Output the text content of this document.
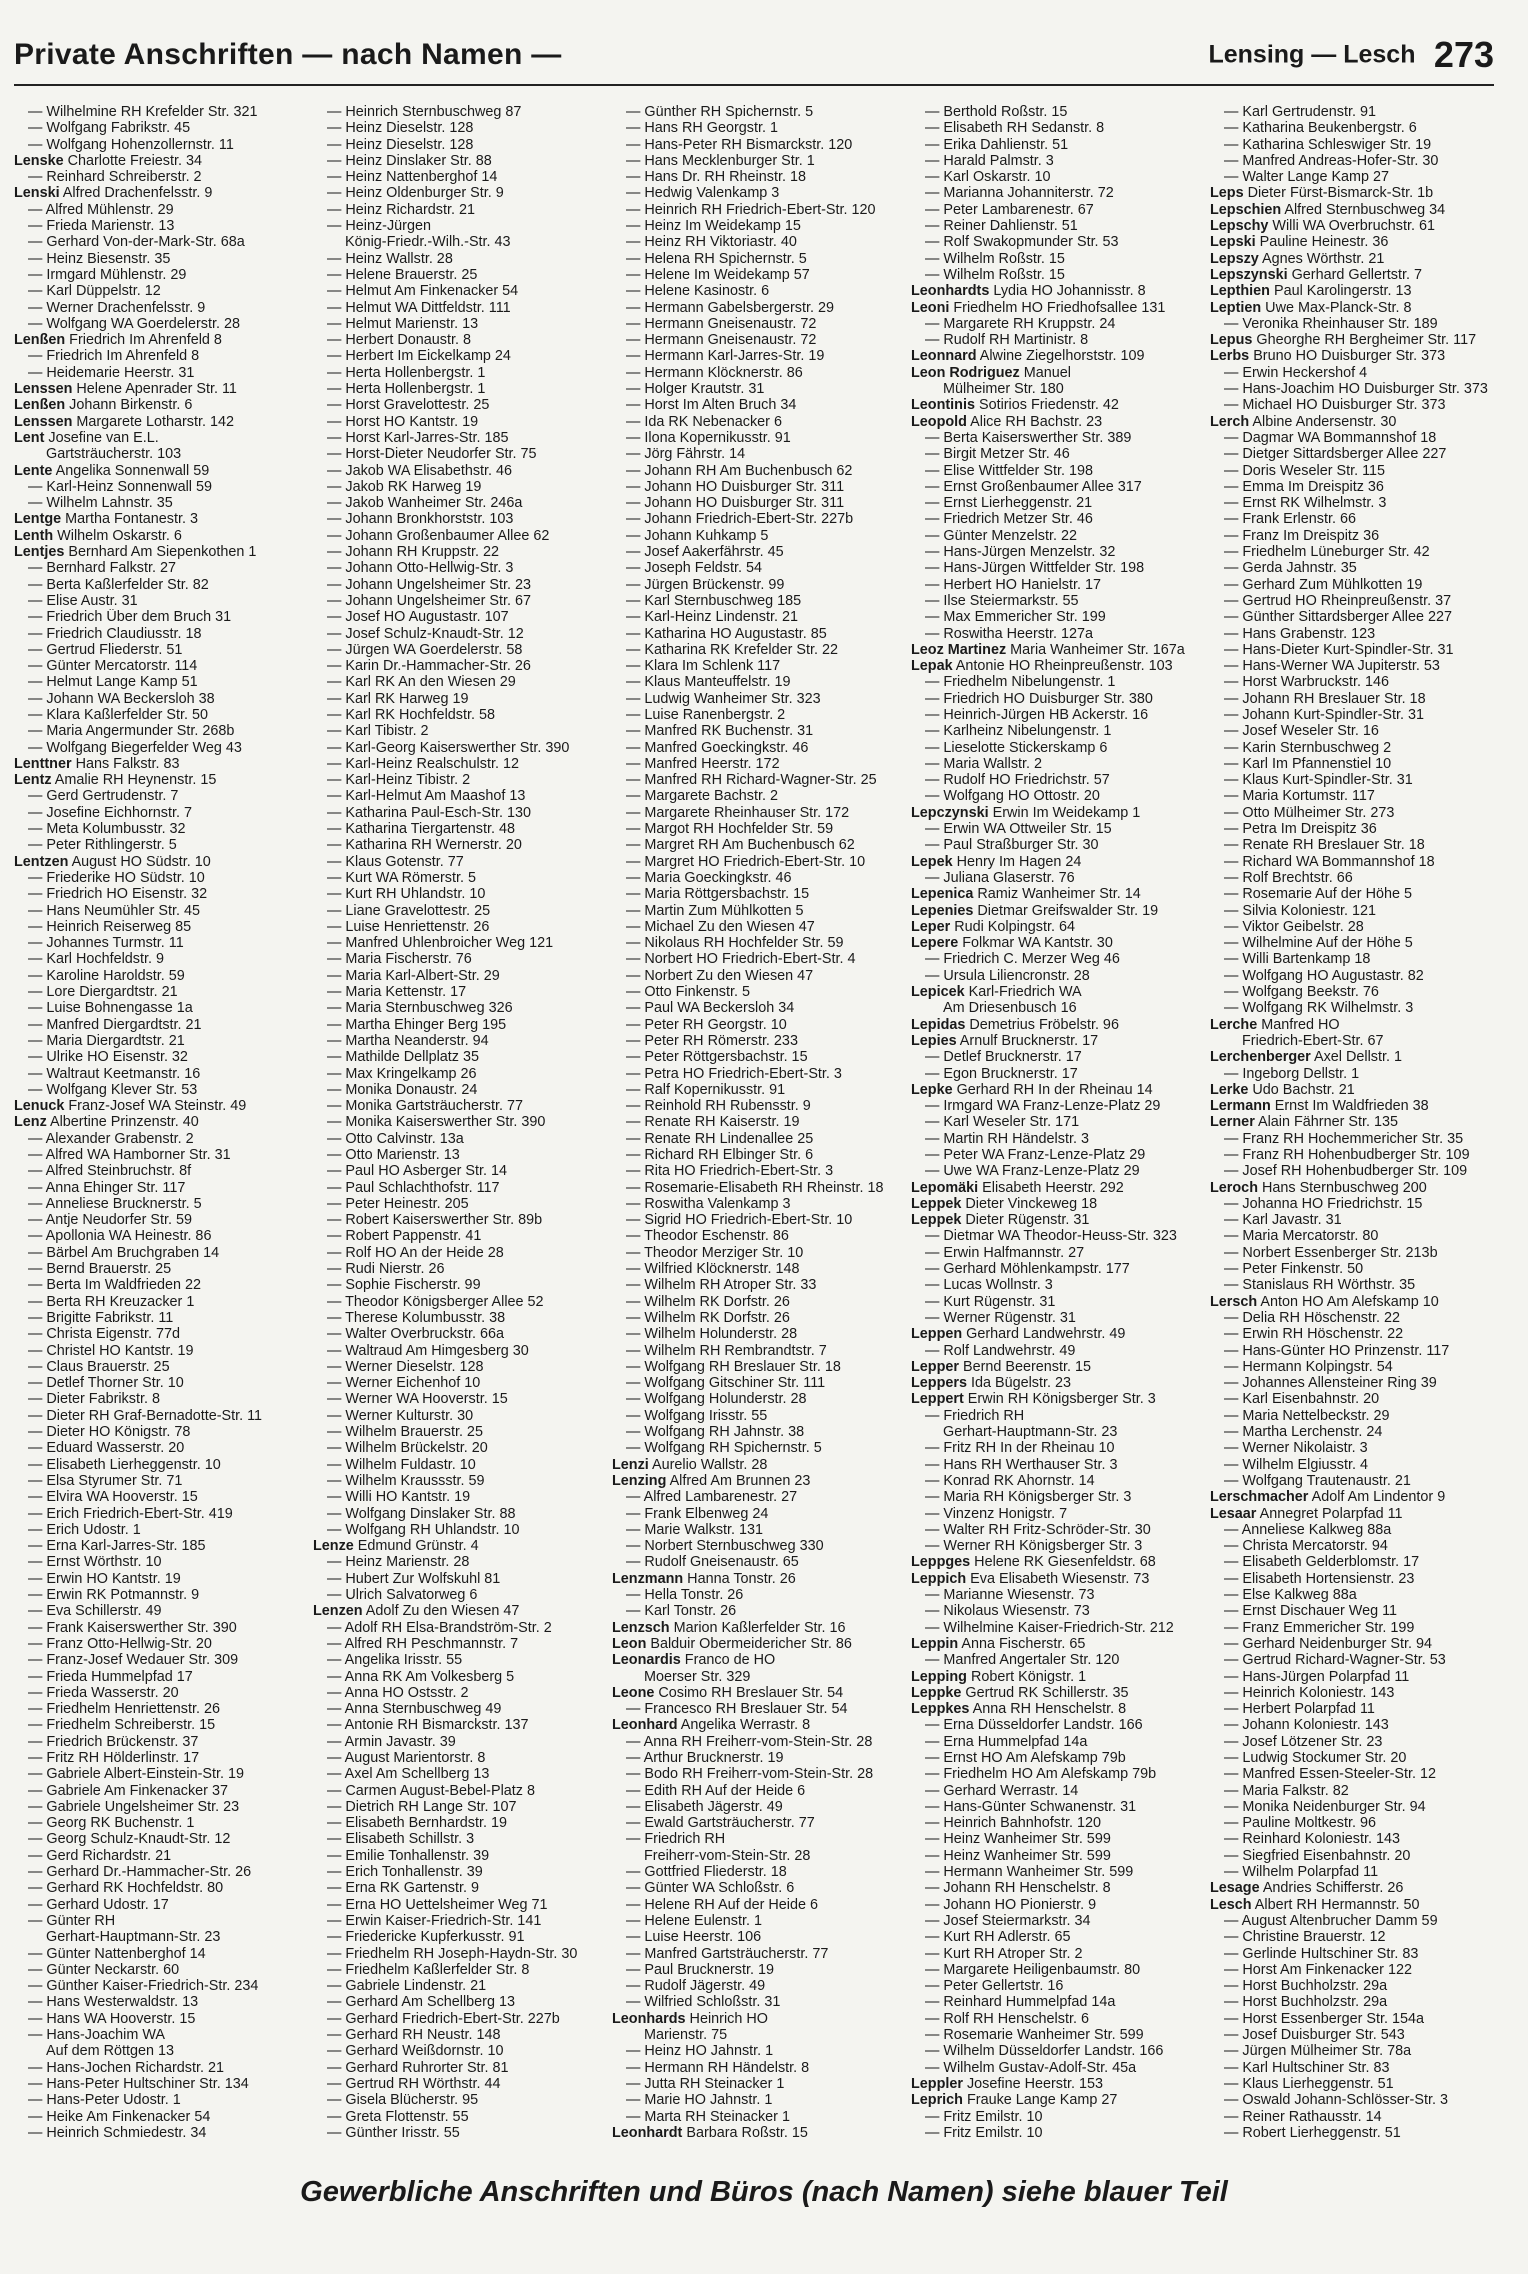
Private Anschriften — nach Namen —	Lensing — Lesch 273
— Wilhelmine RH Krefelder Str. 321
— Wolfgang Fabrikstr. 45
— Wolfgang Hohenzollernstr. 11
Lenske Charlotte Freiestr. 34
— Reinhard Schreiberstr. 2
Lenski Alfred Drachenfelsstr. 9
— Alfred Mühlenstr. 29
— Frieda Marienstr. 13
— Gerhard Von-der-Mark-Str. 68a
— Heinz Biesenstr. 35
— Irmgard Mühlenstr. 29
— Karl Düppelstr. 12
— Werner Drachenfelsstr. 9
— Wolfgang WA Goerdelerstr. 28
Lenßen Friedrich Im Ahrenfeld 8
— Friedrich Im Ahrenfeld 8
— Heidemarie Heerstr. 31
Lenssen Helene Apenrader Str. 11
Lenßen Johann Birkenstr. 6
Lenssen Margarete Lotharstr. 142
Lent Josefine van E.L.
Gartsträucherstr. 103
Lente Angelika Sonnenwall 59
— Karl-Heinz Sonnenwall 59
— Wilhelm Lahnstr. 35
Lentge Martha Fontanestr. 3
Lenth Wilhelm Oskarstr. 6
Lentjes Bernhard Am Siepenkothen 1
— Bernhard Falkstr. 27
— Berta Kaßlerfelder Str. 82
— Elise Austr. 31
— Friedrich Über dem Bruch 31
— Friedrich Claudiusstr. 18
— Gertrud Fliederstr. 51
— Günter Mercatorstr. 114
— Helmut Lange Kamp 51
— Johann WA Beckersloh 38
— Klara Kaßlerfelder Str. 50
— Maria Angermunder Str. 268b
— Wolfgang Biegerfelder Weg 43
Lenttner Hans Falkstr. 83
Lentz Amalie RH Heynenstr. 15
— Gerd Gertrudenstr. 7
— Josefine Eichhornstr. 7
— Meta Kolumbusstr. 32
— Peter Rithlingerstr. 5
Lentzen August HO Südstr. 10
— Friederike HO Südstr. 10
— Friedrich HO Eisenstr. 32
— Hans Neumühler Str. 45
— Heinrich Reiserweg 85
— Johannes Turmstr. 11
— Karl Hochfeldstr. 9
— Karoline Haroldstr. 59
— Lore Diergardtstr. 21
— Luise Bohnengasse 1a
— Manfred Diergardtstr. 21
— Maria Diergardtstr. 21
— Ulrike HO Eisenstr. 32
— Waltraut Keetmanstr. 16
— Wolfgang Klever Str. 53
Lenuck Franz-Josef WA Steinstr. 49
Lenz Albertine Prinzenstr. 40
— Alexander Grabenstr. 2
— Alfred WA Hamborner Str. 31
— Alfred Steinbruchstr. 8f
— Anna Ehinger Str. 117
— Anneliese Brucknerstr. 5
— Antje Neudorfer Str. 59
— Apollonia WA Heinestr. 86
— Bärbel Am Bruchgraben 14
— Bernd Brauerstr. 25
— Berta Im Waldfrieden 22
— Berta RH Kreuzacker 1
— Brigitte Fabrikstr. 11
— Christa Eigenstr. 77d
— Christel HO Kantstr. 19
— Claus Brauerstr. 25
— Detlef Thorner Str. 10
— Dieter Fabrikstr. 8
— Dieter RH Graf-Bernadotte-Str. 11
— Dieter HO Königstr. 78
— Eduard Wasserstr. 20
— Elisabeth Lierheggenstr. 10
— Elsa Styrumer Str. 71
— Elvira WA Hooverstr. 15
— Erich Friedrich-Ebert-Str. 419
— Erich Udostr. 1
— Erna Karl-Jarres-Str. 185
— Ernst Wörthstr. 10
— Erwin HO Kantstr. 19
— Erwin RK Potmannstr. 9
— Eva Schillerstr. 49
— Frank Kaiserswerther Str. 390
— Franz Otto-Hellwig-Str. 20
— Franz-Josef Wedauer Str. 309
— Frieda Hummelpfad 17
— Frieda Wasserstr. 20
— Friedhelm Henriettenstr. 26
— Friedhelm Schreiberstr. 15
— Friedrich Brückenstr. 37
— Fritz RH Hölderlinstr. 17
— Gabriele Albert-Einstein-Str. 19
— Gabriele Am Finkenacker 37
— Gabriele Ungelsheimer Str. 23
— Georg RK Buchenstr. 1
— Georg Schulz-Knaudt-Str. 12
— Gerd Richardstr. 21
— Gerhard Dr.-Hammacher-Str. 26
— Gerhard RK Hochfeldstr. 80
— Gerhard Udostr. 17
— Günter RH
Gerhart-Hauptmann-Str. 23
— Günter Nattenberghof 14
— Günter Neckarstr. 60
— Günther Kaiser-Friedrich-Str. 234
— Hans Westerwaldstr. 13
— Hans WA Hooverstr. 15
— Hans-Joachim WA
Auf dem Röttgen 13
— Hans-Jochen Richardstr. 21
— Hans-Peter Hultschiner Str. 134
— Hans-Peter Udostr. 1
— Heike Am Finkenacker 54
— Heinrich Schmiedestr. 34
— Heinrich Sternbuschweg 87
— Heinz Dieselstr. 128
— Heinz Dieselstr. 128
— Heinz Dinslaker Str. 88
— Heinz Nattenberghof 14
— Heinz Oldenburger Str. 9
— Heinz Richardstr. 21
— Heinz-Jürgen
König-Friedr.-Wilh.-Str. 43
— Heinz Wallstr. 28
— Helene Brauerstr. 25
— Helmut Am Finkenacker 54
— Helmut WA Dittfeldstr. 111
— Helmut Marienstr. 13
— Herbert Donaustr. 8
— Herbert Im Eickelkamp 24
— Herta Hollenbergstr. 1
— Herta Hollenbergstr. 1
— Horst Gravelottestr. 25
— Horst HO Kantstr. 19
— Horst Karl-Jarres-Str. 185
— Horst-Dieter Neudorfer Str. 75
— Jakob WA Elisabethstr. 46
— Jakob RK Harweg 19
— Jakob Wanheimer Str. 246a
— Johann Bronkhorststr. 103
— Johann Großenbaumer Allee 62
— Johann RH Kruppstr. 22
— Johann Otto-Hellwig-Str. 3
— Johann Ungelsheimer Str. 23
— Johann Ungelsheimer Str. 67
— Josef HO Augustastr. 107
— Josef Schulz-Knaudt-Str. 12
— Jürgen WA Goerdelerstr. 58
— Karin Dr.-Hammacher-Str. 26
— Karl RK An den Wiesen 29
— Karl RK Harweg 19
— Karl RK Hochfeldstr. 58
— Karl Tibistr. 2
— Karl-Georg Kaiserswerther Str. 390
— Karl-Heinz Realschulstr. 12
— Karl-Heinz Tibistr. 2
— Karl-Helmut Am Maashof 13
— Katharina Paul-Esch-Str. 130
— Katharina Tiergartenstr. 48
— Katharina RH Wernerstr. 20
— Klaus Gotenstr. 77
— Kurt WA Römerstr. 5
— Kurt RH Uhlandstr. 10
— Liane Gravelottestr. 25
— Luise Henriettenstr. 26
— Manfred Uhlenbroicher Weg 121
— Maria Fischerstr. 76
— Maria Karl-Albert-Str. 29
— Maria Kettenstr. 17
— Maria Sternbuschweg 326
— Martha Ehinger Berg 195
— Martha Neanderstr. 94
— Mathilde Dellplatz 35
— Max Kringelkamp 26
— Monika Donaustr. 24
— Monika Gartsträucherstr. 77
— Monika Kaiserswerther Str. 390
— Otto Calvinstr. 13a
— Otto Marienstr. 13
— Paul HO Asberger Str. 14
— Paul Schlachthofstr. 117
— Peter Heinestr. 205
— Robert Kaiserswerther Str. 89b
— Robert Pappenstr. 41
— Rolf HO An der Heide 28
— Rudi Nierstr. 26
— Sophie Fischerstr. 99
— Theodor Königsberger Allee 52
— Therese Kolumbusstr. 38
— Walter Overbruckstr. 66a
— Waltraud Am Himgesberg 30
— Werner Dieselstr. 128
— Werner Eichenhof 10
— Werner WA Hooverstr. 15
— Werner Kulturstr. 30
— Wilhelm Brauerstr. 25
— Wilhelm Brückelstr. 20
— Wilhelm Fuldastr. 10
— Wilhelm Kraussstr. 59
— Willi HO Kantstr. 19
— Wolfgang Dinslaker Str. 88
— Wolfgang RH Uhlandstr. 10
Lenze Edmund Grünstr. 4
— Heinz Marienstr. 28
— Hubert Zur Wolfskuhl 81
— Ulrich Salvatorweg 6
Lenzen Adolf Zu den Wiesen 47
— Adolf RH Elsa-Brandström-Str. 2
— Alfred RH Peschmannstr. 7
— Angelika Irisstr. 55
— Anna RK Am Volkesberg 5
— Anna HO Ostsstr. 2
— Anna Sternbuschweg 49
— Antonie RH Bismarckstr. 137
— Armin Javastr. 39
— August Marientorstr. 8
— Axel Am Schellberg 13
— Carmen August-Bebel-Platz 8
— Dietrich RH Lange Str. 107
— Elisabeth Bernhardstr. 19
— Elisabeth Schillstr. 3
— Emilie Tonhallenstr. 39
— Erich Tonhallenstr. 39
— Erna RK Gartenstr. 9
— Erna HO Uettelsheimer Weg 71
— Erwin Kaiser-Friedrich-Str. 141
— Friedericke Kupferkusstr. 91
— Friedhelm RH Joseph-Haydn-Str. 30
— Friedhelm Kaßlerfelder Str. 8
— Gabriele Lindenstr. 21
— Gerhard Am Schellberg 13
— Gerhard Friedrich-Ebert-Str. 227b
— Gerhard RH Neustr. 148
— Gerhard Weißdornstr. 10
— Gerhard Ruhrorter Str. 81
— Gertrud RH Wörthstr. 44
— Gisela Blücherstr. 95
— Greta Flottenstr. 55
— Günther Irisstr. 55
— Günther RH Spichernstr. 5
— Hans RH Georgstr. 1
— Hans-Peter RH Bismarckstr. 120
— Hans Mecklenburger Str. 1
— Hans Dr. RH Rheinstr. 18
— Hedwig Valenkamp 3
— Heinrich RH Friedrich-Ebert-Str. 120
— Heinz Im Weidekamp 15
— Heinz RH Viktoriastr. 40
— Helena RH Spichernstr. 5
— Helene Im Weidekamp 57
— Helene Kasinostr. 6
— Hermann Gabelsbergerstr. 29
— Hermann Gneisenaustr. 72
— Hermann Gneisenaustr. 72
— Hermann Karl-Jarres-Str. 19
— Hermann Klöcknerstr. 86
— Holger Krautstr. 31
— Horst Im Alten Bruch 34
— Ida RK Nebenacker 6
— Ilona Kopernikusstr. 91
— Jörg Fährstr. 14
— Johann RH Am Buchenbusch 62
— Johann HO Duisburger Str. 311
— Johann HO Duisburger Str. 311
— Johann Friedrich-Ebert-Str. 227b
— Johann Kuhkamp 5
— Josef Aakerfährstr. 45
— Joseph Feldstr. 54
— Jürgen Brückenstr. 99
— Karl Sternbuschweg 185
— Karl-Heinz Lindenstr. 21
— Katharina HO Augustastr. 85
— Katharina RK Krefelder Str. 22
— Klara Im Schlenk 117
— Klaus Manteuffelstr. 19
— Ludwig Wanheimer Str. 323
— Luise Ranenbergstr. 2
— Manfred RK Buchenstr. 31
— Manfred Goeckingkstr. 46
— Manfred Heerstr. 172
— Manfred RH Richard-Wagner-Str. 25
— Margarete Bachstr. 2
— Margarete Rheinhauser Str. 172
— Margot RH Hochfelder Str. 59
— Margret RH Am Buchenbusch 62
— Margret HO Friedrich-Ebert-Str. 10
— Maria Goeckingkstr. 46
— Maria Röttgersbachstr. 15
— Martin Zum Mühlkotten 5
— Michael Zu den Wiesen 47
— Nikolaus RH Hochfelder Str. 59
— Norbert HO Friedrich-Ebert-Str. 4
— Norbert Zu den Wiesen 47
— Otto Finkenstr. 5
— Paul WA Beckersloh 34
— Peter RH Georgstr. 10
— Peter RH Römerstr. 233
— Peter Röttgersbachstr. 15
— Petra HO Friedrich-Ebert-Str. 3
— Ralf Kopernikusstr. 91
— Reinhold RH Rubensstr. 9
— Renate RH Kaiserstr. 19
— Renate RH Lindenallee 25
— Richard RH Elbinger Str. 6
— Rita HO Friedrich-Ebert-Str. 3
— Rosemarie-Elisabeth RH Rheinstr. 18
— Roswitha Valenkamp 3
— Sigrid HO Friedrich-Ebert-Str. 10
— Theodor Eschenstr. 86
— Theodor Merziger Str. 10
— Wilfried Klöcknerstr. 148
— Wilhelm RH Atroper Str. 33
— Wilhelm RK Dorfstr. 26
— Wilhelm RK Dorfstr. 26
— Wilhelm Holunderstr. 28
— Wilhelm RH Rembrandtstr. 7
— Wolfgang RH Breslauer Str. 18
— Wolfgang Gitschiner Str. 111
— Wolfgang Holunderstr. 28
— Wolfgang Irisstr. 55
— Wolfgang RH Jahnstr. 38
— Wolfgang RH Spichernstr. 5
Lenzi Aurelio Wallstr. 28
Lenzing Alfred Am Brunnen 23
— Alfred Lambarenestr. 27
— Frank Elbenweg 24
— Marie Walkstr. 131
— Norbert Sternbuschweg 330
— Rudolf Gneisenaustr. 65
Lenzmann Hanna Tonstr. 26
— Hella Tonstr. 26
— Karl Tonstr. 26
Lenzsch Marion Kaßlerfelder Str. 16
Leon Balduir Obermeidericher Str. 86
Leonardis Franco de HO
Moerser Str. 329
Leone Cosimo RH Breslauer Str. 54
— Francesco RH Breslauer Str. 54
Leonhard Angelika Werrastr. 8
— Anna RH Freiherr-vom-Stein-Str. 28
— Arthur Brucknerstr. 19
— Bodo RH Freiherr-vom-Stein-Str. 28
— Edith RH Auf der Heide 6
— Elisabeth Jägerstr. 49
— Ewald Gartsträucherstr. 77
— Friedrich RH
Freiherr-vom-Stein-Str. 28
— Gottfried Fliederstr. 18
— Günter WA Schloßstr. 6
— Helene RH Auf der Heide 6
— Helene Eulenstr. 1
— Luise Heerstr. 106
— Manfred Gartsträucherstr. 77
— Paul Brucknerstr. 19
— Rudolf Jägerstr. 49
— Wilfried Schloßstr. 31
Leonhards Heinrich HO
Marienstr. 75
— Heinz HO Jahnstr. 1
— Hermann RH Händelstr. 8
— Jutta RH Steinacker 1
— Marie HO Jahnstr. 1
— Marta RH Steinacker 1
Leonhardt Barbara Roßstr. 15
— Berthold Roßstr. 15
— Elisabeth RH Sedanstr. 8
— Erika Dahlienstr. 51
— Harald Palmstr. 3
— Karl Oskarstr. 10
— Marianna Johanniterstr. 72
— Peter Lambarenestr. 67
— Reiner Dahlienstr. 51
— Rolf Swakopmunder Str. 53
— Wilhelm Roßstr. 15
— Wilhelm Roßstr. 15
Leonhardts Lydia HO Johannisstr. 8
Leoni Friedhelm HO Friedhofsallee 131
— Margarete RH Kruppstr. 24
— Rudolf RH Martinistr. 8
Leonnard Alwine Ziegelhorststr. 109
Leon Rodriguez Manuel
Mülheimer Str. 180
Leontinis Sotirios Friedenstr. 42
Leopold Alice RH Bachstr. 23
— Berta Kaiserswerther Str. 389
— Birgit Metzer Str. 46
— Elise Wittfelder Str. 198
— Ernst Großenbaumer Allee 317
— Ernst Lierheggenstr. 21
— Friedrich Metzer Str. 46
— Günter Menzelstr. 22
— Hans-Jürgen Menzelstr. 32
— Hans-Jürgen Wittfelder Str. 198
— Herbert HO Hanielstr. 17
— Ilse Steiermarkstr. 55
— Max Emmericher Str. 199
— Roswitha Heerstr. 127a
Leoz Martinez Maria Wanheimer Str. 167a
Lepak Antonie HO Rheinpreußenstr. 103
— Friedhelm Nibelungenstr. 1
— Friedrich HO Duisburger Str. 380
— Heinrich-Jürgen HB Ackerstr. 16
— Karlheinz Nibelungenstr. 1
— Lieselotte Stickerskamp 6
— Maria Wallstr. 2
— Rudolf HO Friedrichstr. 57
— Wolfgang HO Ottostr. 20
Lepczynski Erwin Im Weidekamp 1
— Erwin WA Ottweiler Str. 15
— Paul Straßburger Str. 30
Lepek Henry Im Hagen 24
— Juliana Glaserstr. 76
Lepenica Ramiz Wanheimer Str. 14
Lepenies Dietmar Greifswalder Str. 19
Leper Rudi Kolpingstr. 64
Lepere Folkmar WA Kantstr. 30
— Friedrich C. Merzer Weg 46
— Ursula Liliencronstr. 28
Lepicek Karl-Friedrich WA
Am Driesenbusch 16
Lepidas Demetrius Fröbelstr. 96
Lepies Arnulf Brucknerstr. 17
— Detlef Brucknerstr. 17
— Egon Brucknerstr. 17
Lepke Gerhard RH In der Rheinau 14
— Irmgard WA Franz-Lenze-Platz 29
— Karl Weseler Str. 171
— Martin RH Händelstr. 3
— Peter WA Franz-Lenze-Platz 29
— Uwe WA Franz-Lenze-Platz 29
Lepomäki Elisabeth Heerstr. 292
Leppek Dieter Vinckeweg 18
Leppek Dieter Rügenstr. 31
— Dietmar WA Theodor-Heuss-Str. 323
— Erwin Halfmannstr. 27
— Gerhard Möhlenkampstr. 177
— Lucas Wollnstr. 3
— Kurt Rügenstr. 31
— Werner Rügenstr. 31
Leppen Gerhard Landwehrstr. 49
— Rolf Landwehrstr. 49
Lepper Bernd Beerenstr. 15
Leppers Ida Bügelstr. 23
Leppert Erwin RH Königsberger Str. 3
— Friedrich RH
Gerhart-Hauptmann-Str. 23
— Fritz RH In der Rheinau 10
— Hans RH Werthauser Str. 3
— Konrad RK Ahornstr. 14
— Maria RH Königsberger Str. 3
— Vinzenz Honigstr. 7
— Walter RH Fritz-Schröder-Str. 30
— Werner RH Königsberger Str. 3
Leppges Helene RK Giesenfeldstr. 68
Leppich Eva Elisabeth Wiesenstr. 73
— Marianne Wiesenstr. 73
— Nikolaus Wiesenstr. 73
— Wilhelmine Kaiser-Friedrich-Str. 212
Leppin Anna Fischerstr. 65
— Manfred Angertaler Str. 120
Lepping Robert Königstr. 1
Leppke Gertrud RK Schillerstr. 35
Leppkes Anna RH Henschelstr. 8
— Erna Düsseldorfer Landstr. 166
— Erna Hummelpfad 14a
— Ernst HO Am Alefskamp 79b
— Friedhelm HO Am Alefskamp 79b
— Gerhard Werrastr. 14
— Hans-Günter Schwanenstr. 31
— Heinrich Bahnhofstr. 120
— Heinz Wanheimer Str. 599
— Heinz Wanheimer Str. 599
— Hermann Wanheimer Str. 599
— Johann RH Henschelstr. 8
— Johann HO Pionierstr. 9
— Josef Steiermarkstr. 34
— Kurt RH Adlerstr. 65
— Kurt RH Atroper Str. 2
— Margarete Heiligenbaumstr. 80
— Peter Gellertstr. 16
— Reinhard Hummelpfad 14a
— Rolf RH Henschelstr. 6
— Rosemarie Wanheimer Str. 599
— Wilhelm Düsseldorfer Landstr. 166
— Wilhelm Gustav-Adolf-Str. 45a
Leppler Josefine Heerstr. 153
Leprich Frauke Lange Kamp 27
— Fritz Emilstr. 10
— Fritz Emilstr. 10
— Karl Gertrudenstr. 91
— Katharina Beukenbergstr. 6
— Katharina Schleswiger Str. 19
— Manfred Andreas-Hofer-Str. 30
— Walter Lange Kamp 27
Leps Dieter Fürst-Bismarck-Str. 1b
Lepschien Alfred Sternbuschweg 34
Lepschy Willi WA Overbruchstr. 61
Lepski Pauline Heinestr. 36
Lepszy Agnes Wörthstr. 21
Lepszynski Gerhard Gellertstr. 7
Lepthien Paul Karolingerstr. 13
Leptien Uwe Max-Planck-Str. 8
— Veronika Rheinhauser Str. 189
Lepus Gheorghe RH Bergheimer Str. 117
Lerbs Bruno HO Duisburger Str. 373
— Erwin Heckershof 4
— Hans-Joachim HO Duisburger Str. 373
— Michael HO Duisburger Str. 373
Lerch Albine Andersenstr. 30
— Dagmar WA Bommannshof 18
— Dietger Sittardsberger Allee 227
— Doris Weseler Str. 115
— Emma Im Dreispitz 36
— Ernst RK Wilhelmstr. 3
— Frank Erlenstr. 66
— Franz Im Dreispitz 36
— Friedhelm Lüneburger Str. 42
— Gerda Jahnstr. 35
— Gerhard Zum Mühlkotten 19
— Gertrud HO Rheinpreußenstr. 37
— Günther Sittardsberger Allee 227
— Hans Grabenstr. 123
— Hans-Dieter Kurt-Spindler-Str. 31
— Hans-Werner WA Jupiterstr. 53
— Horst Warbruckstr. 146
— Johann RH Breslauer Str. 18
— Johann Kurt-Spindler-Str. 31
— Josef Weseler Str. 16
— Karin Sternbuschweg 2
— Karl Im Pfannenstiel 10
— Klaus Kurt-Spindler-Str. 31
— Maria Kortumstr. 117
— Otto Mülheimer Str. 273
— Petra Im Dreispitz 36
— Renate RH Breslauer Str. 18
— Richard WA Bommannshof 18
— Rolf Brechtstr. 66
— Rosemarie Auf der Höhe 5
— Silvia Koloniestr. 121
— Viktor Geibelstr. 28
— Wilhelmine Auf der Höhe 5
— Willi Bartenkamp 18
— Wolfgang HO Augustastr. 82
— Wolfgang Beekstr. 76
— Wolfgang RK Wilhelmstr. 3
Lerche Manfred HO
Friedrich-Ebert-Str. 67
Lerchenberger Axel Dellstr. 1
— Ingeborg Dellstr. 1
Lerke Udo Bachstr. 21
Lermann Ernst Im Waldfrieden 38
Lerner Alain Fährner Str. 135
— Franz RH Hochemmericher Str. 35
— Franz RH Hohenbudberger Str. 109
— Josef RH Hohenbudberger Str. 109
Leroch Hans Sternbuschweg 200
— Johanna HO Friedrichstr. 15
— Karl Javastr. 31
— Maria Mercatorstr. 80
— Norbert Essenberger Str. 213b
— Peter Finkenstr. 50
— Stanislaus RH Wörthstr. 35
Lersch Anton HO Am Alefskamp 10
— Delia RH Höschenstr. 22
— Erwin RH Höschenstr. 22
— Hans-Günter HO Prinzenstr. 117
— Hermann Kolpingstr. 54
— Johannes Allensteiner Ring 39
— Karl Eisenbahnstr. 20
— Maria Nettelbeckstr. 29
— Martha Lerchenstr. 24
— Werner Nikolaistr. 3
— Wilhelm Elgiusstr. 4
— Wolfgang Trautenaustr. 21
Lerschmacher Adolf Am Lindentor 9
Lesaar Annegret Polarpfad 11
— Anneliese Kalkweg 88a
— Christa Mercatorstr. 94
— Elisabeth Gelderblomstr. 17
— Elisabeth Hortensienstr. 23
— Else Kalkweg 88a
— Ernst Dischauer Weg 11
— Franz Emmericher Str. 199
— Gerhard Neidenburger Str. 94
— Gertrud Richard-Wagner-Str. 53
— Hans-Jürgen Polarpfad 11
— Heinrich Koloniestr. 143
— Herbert Polarpfad 11
— Johann Koloniestr. 143
— Josef Lötzener Str. 23
— Ludwig Stockumer Str. 20
— Manfred Essen-Steeler-Str. 12
— Maria Falkstr. 82
— Monika Neidenburger Str. 94
— Pauline Moltkestr. 96
— Reinhard Koloniestr. 143
— Siegfried Eisenbahnstr. 20
— Wilhelm Polarpfad 11
Lesage Andries Schifferstr. 26
Lesch Albert RH Hermannstr. 50
— August Altenbrucher Damm 59
— Christine Brauerstr. 12
— Gerlinde Hultschiner Str. 83
— Horst Am Finkenacker 122
— Horst Buchholzstr. 29a
— Horst Buchholzstr. 29a
— Horst Essenberger Str. 154a
— Josef Duisburger Str. 543
— Jürgen Mülheimer Str. 78a
— Karl Hultschiner Str. 83
— Klaus Lierheggenstr. 51
— Oswald Johann-Schlösser-Str. 3
— Reiner Rathausstr. 14
— Robert Lierheggenstr. 51
Gewerbliche Anschriften und Büros (nach Namen) siehe blauer Teil
